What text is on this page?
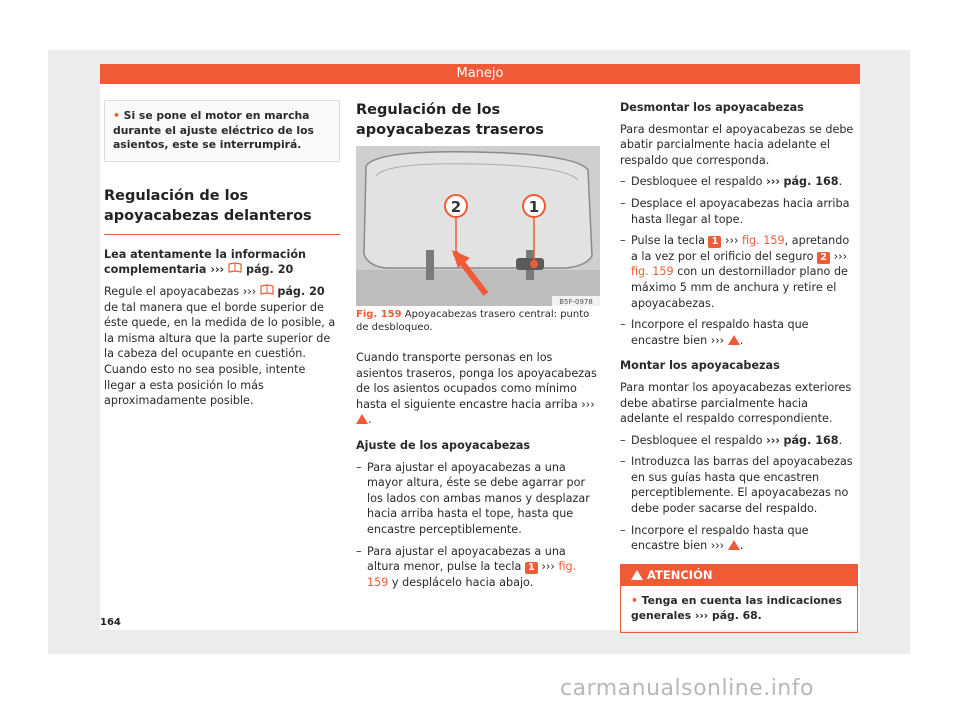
Manejo
• Si se pone el motor en marcha durante el ajuste eléctrico de los asientos, este se interrumpirá.
Regulación de los apoyacabezas delanteros

Lea atentamente la información complementaria ››› pág. 20

Regule el apoyacabezas ››› pág. 20 de tal manera que el borde superior de éste quede, en la medida de lo posible, a la misma altura que la parte superior de la cabeza del ocupante en cuestión. Cuando esto no sea posible, intente llegar a esta posición lo más aproximadamente posible.

Regulación de los apoyacabezas traseros
2	1
B5F-0978
Fig. 159 Apoyacabezas trasero central: punto de desbloqueo.

Cuando transporte personas en los asientos traseros, ponga los apoyacabezas de los asientos ocupados como mínimo hasta el siguiente encastre hacia arriba ››› .

Ajuste de los apoyacabezas

– Para ajustar el apoyacabezas a una mayor altura, éste se debe agarrar por los lados con ambas manos y desplazar hacia arriba hasta el tope, hasta que encastre perceptiblemente.
– Para ajustar el apoyacabezas a una altura menor, pulse la tecla 1 ››› fig. 159 y desplácelo hacia abajo.

Desmontar los apoyacabezas

Para desmontar el apoyacabezas se debe abatir parcialmente hacia adelante el respaldo que corresponda.

– Desbloquee el respaldo ››› pág. 168.
– Desplace el apoyacabezas hacia arriba hasta llegar al tope.
– Pulse la tecla 1 ››› fig. 159, apretando a la vez por el orificio del seguro 2 ››› fig. 159 con un destornillador plano de máximo 5 mm de anchura y retire el apoyacabezas.
– Incorpore el respaldo hasta que encastre bien ››› .

Montar los apoyacabezas

Para montar los apoyacabezas exteriores debe abatirse parcialmente hacia adelante el respaldo correspondiente.

– Desbloquee el respaldo ››› pág. 168.
– Introduzca las barras del apoyacabezas en sus guías hasta que encastren perceptiblemente. El apoyacabezas no debe poder sacarse del respaldo.
– Incorpore el respaldo hasta que encastre bien ››› .
ATENCIÓN
• Tenga en cuenta las indicaciones generales ››› pág. 68.
164
carmanualsonline.info
